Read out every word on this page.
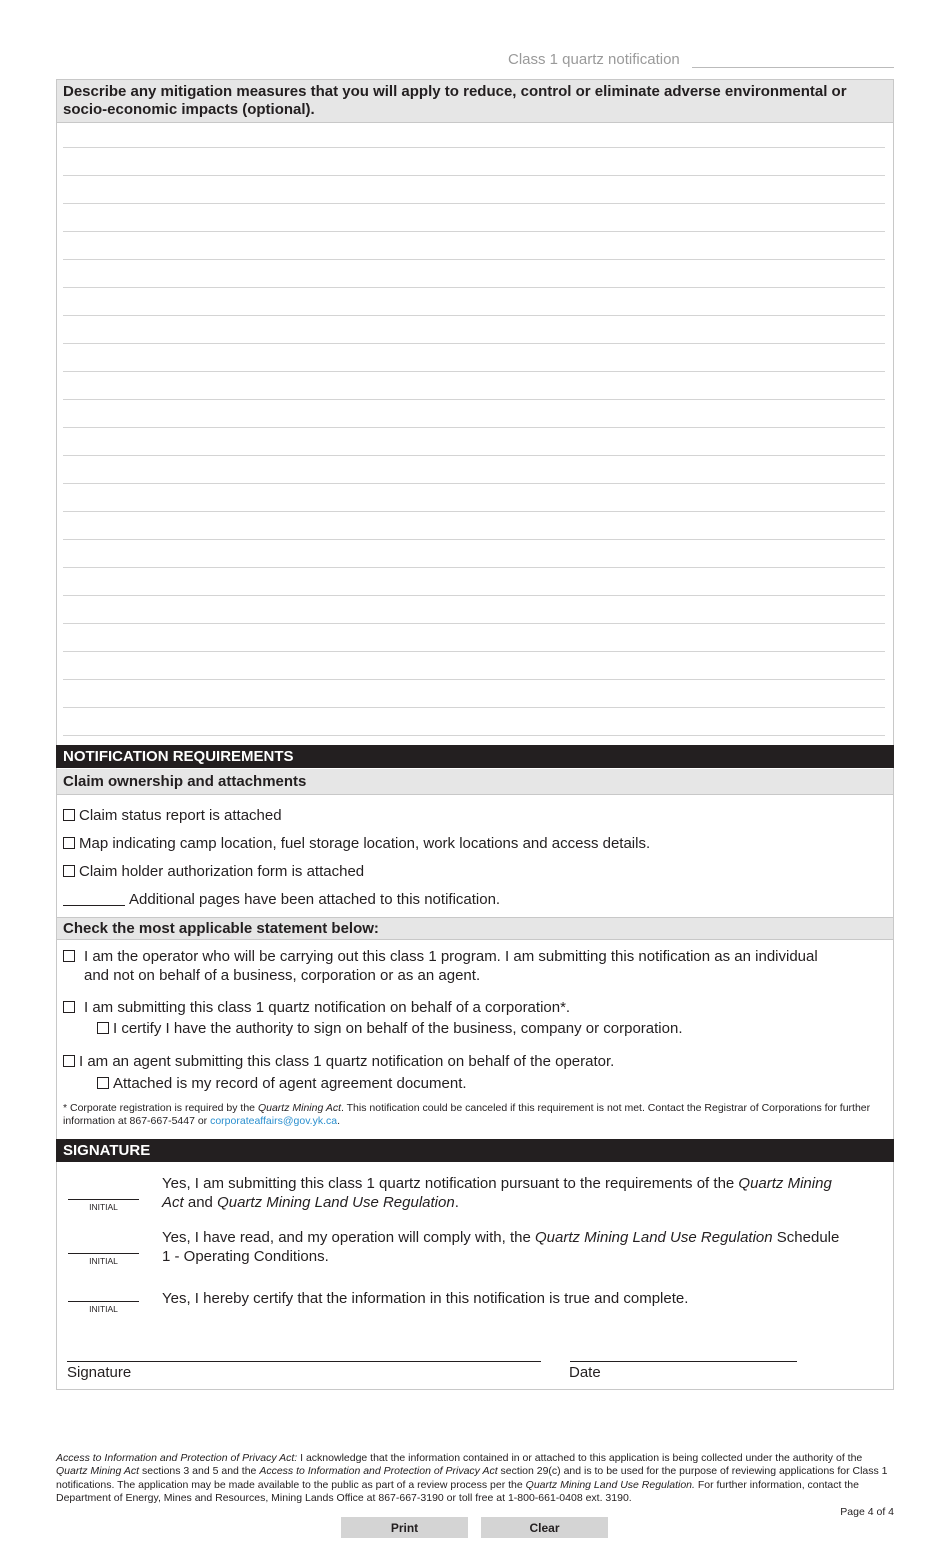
Class 1 quartz notification
Describe any mitigation measures that you will apply to reduce, control or eliminate adverse environmental or socio-economic impacts (optional).
NOTIFICATION REQUIREMENTS
Claim ownership and attachments
Claim status report is attached
Map indicating camp location, fuel storage location, work locations and access details.
Claim holder authorization form is attached
Additional pages have been attached to this notification.
Check the most applicable statement below:
I am the operator who will be carrying out this class 1 program. I am submitting this notification as an individual and not on behalf of a business, corporation or as an agent.
I am submitting this class 1 quartz notification on behalf of a corporation*.
I certify I have the authority to sign on behalf of the business, company or corporation.
I am an agent submitting this class 1 quartz notification on behalf of the operator.
Attached is my record of agent agreement document.
* Corporate registration is required by the Quartz Mining Act. This notification could be canceled if this requirement is not met. Contact the Registrar of Corporations for further information at 867-667-5447 or corporateaffairs@gov.yk.ca.
SIGNATURE
INITIAL
Yes, I am submitting this class 1 quartz notification pursuant to the requirements of the Quartz Mining Act and Quartz Mining Land Use Regulation.
INITIAL
Yes, I have read, and my operation will comply with, the Quartz Mining Land Use Regulation Schedule 1 - Operating Conditions.
INITIAL
Yes, I hereby certify that the information in this notification is true and complete.
Signature	Date
Access to Information and Protection of Privacy Act: I acknowledge that the information contained in or attached to this application is being collected under the authority of the Quartz Mining Act sections 3 and 5 and the Access to Information and Protection of Privacy Act section 29(c) and is to be used for the purpose of reviewing applications for Class 1 notifications. The application may be made available to the public as part of a review process per the Quartz Mining Land Use Regulation. For further information, contact the Department of Energy, Mines and Resources, Mining Lands Office at 867-667-3190 or toll free at 1-800-661-0408 ext. 3190.
Page 4 of 4
Print	Clear
